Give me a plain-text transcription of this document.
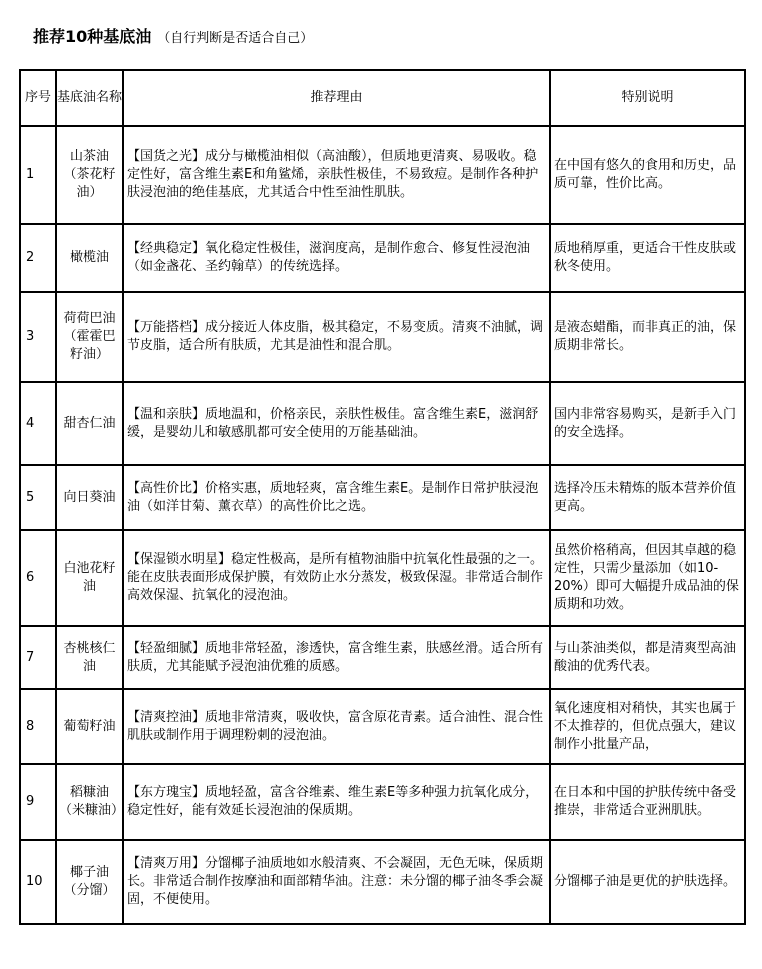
推荐10种基底油 （自行判断是否适合自己）
序号	基底油名称	推荐理由	特别说明
1	山茶油（茶花籽油）	【国货之光】成分与橄榄油相似（高油酸），但质地更清爽、易吸收。稳定性好，富含维生素E和角鲨烯，亲肤性极佳，不易致痘。是制作各种护肤浸泡油的绝佳基底，尤其适合中性至油性肌肤。	在中国有悠久的食用和历史，品质可靠，性价比高。
2	橄榄油	【经典稳定】氧化稳定性极佳，滋润度高，是制作愈合、修复性浸泡油（如金盏花、圣约翰草）的传统选择。	质地稍厚重，更适合干性皮肤或秋冬使用。
3	荷荷巴油（霍霍巴籽油）	【万能搭档】成分接近人体皮脂，极其稳定，不易变质。清爽不油腻，调节皮脂，适合所有肤质，尤其是油性和混合肌。	是液态蜡酯，而非真正的油，保质期非常长。
4	甜杏仁油	【温和亲肤】质地温和，价格亲民，亲肤性极佳。富含维生素E，滋润舒缓，是婴幼儿和敏感肌都可安全使用的万能基础油。	国内非常容易购买，是新手入门的安全选择。
5	向日葵油	【高性价比】价格实惠，质地轻爽，富含维生素E。是制作日常护肤浸泡油（如洋甘菊、薰衣草）的高性价比之选。	选择冷压未精炼的版本营养价值更高。
6	白池花籽油	【保湿锁水明星】稳定性极高，是所有植物油脂中抗氧化性最强的之一。能在皮肤表面形成保护膜，有效防止水分蒸发，极致保湿。非常适合制作高效保湿、抗氧化的浸泡油。	虽然价格稍高，但因其卓越的稳定性，只需少量添加（如10-20%）即可大幅提升成品油的保质期和功效。
7	杏桃核仁油	【轻盈细腻】质地非常轻盈，渗透快，富含维生素，肤感丝滑。适合所有肤质，尤其能赋予浸泡油优雅的质感。	与山茶油类似，都是清爽型高油酸油的优秀代表。
8	葡萄籽油	【清爽控油】质地非常清爽，吸收快，富含原花青素。适合油性、混合性肌肤或制作用于调理粉刺的浸泡油。	氧化速度相对稍快，其实也属于不太推荐的，但优点强大，建议制作小批量产品，
9	稻糠油（米糠油）	【东方瑰宝】质地轻盈，富含谷维素、维生素E等多种强力抗氧化成分，稳定性好，能有效延长浸泡油的保质期。	在日本和中国的护肤传统中备受推崇，非常适合亚洲肌肤。
10	椰子油（分馏）	【清爽万用】分馏椰子油质地如水般清爽、不会凝固，无色无味，保质期长。非常适合制作按摩油和面部精华油。注意：未分馏的椰子油冬季会凝固，不便使用。	分馏椰子油是更优的护肤选择。
